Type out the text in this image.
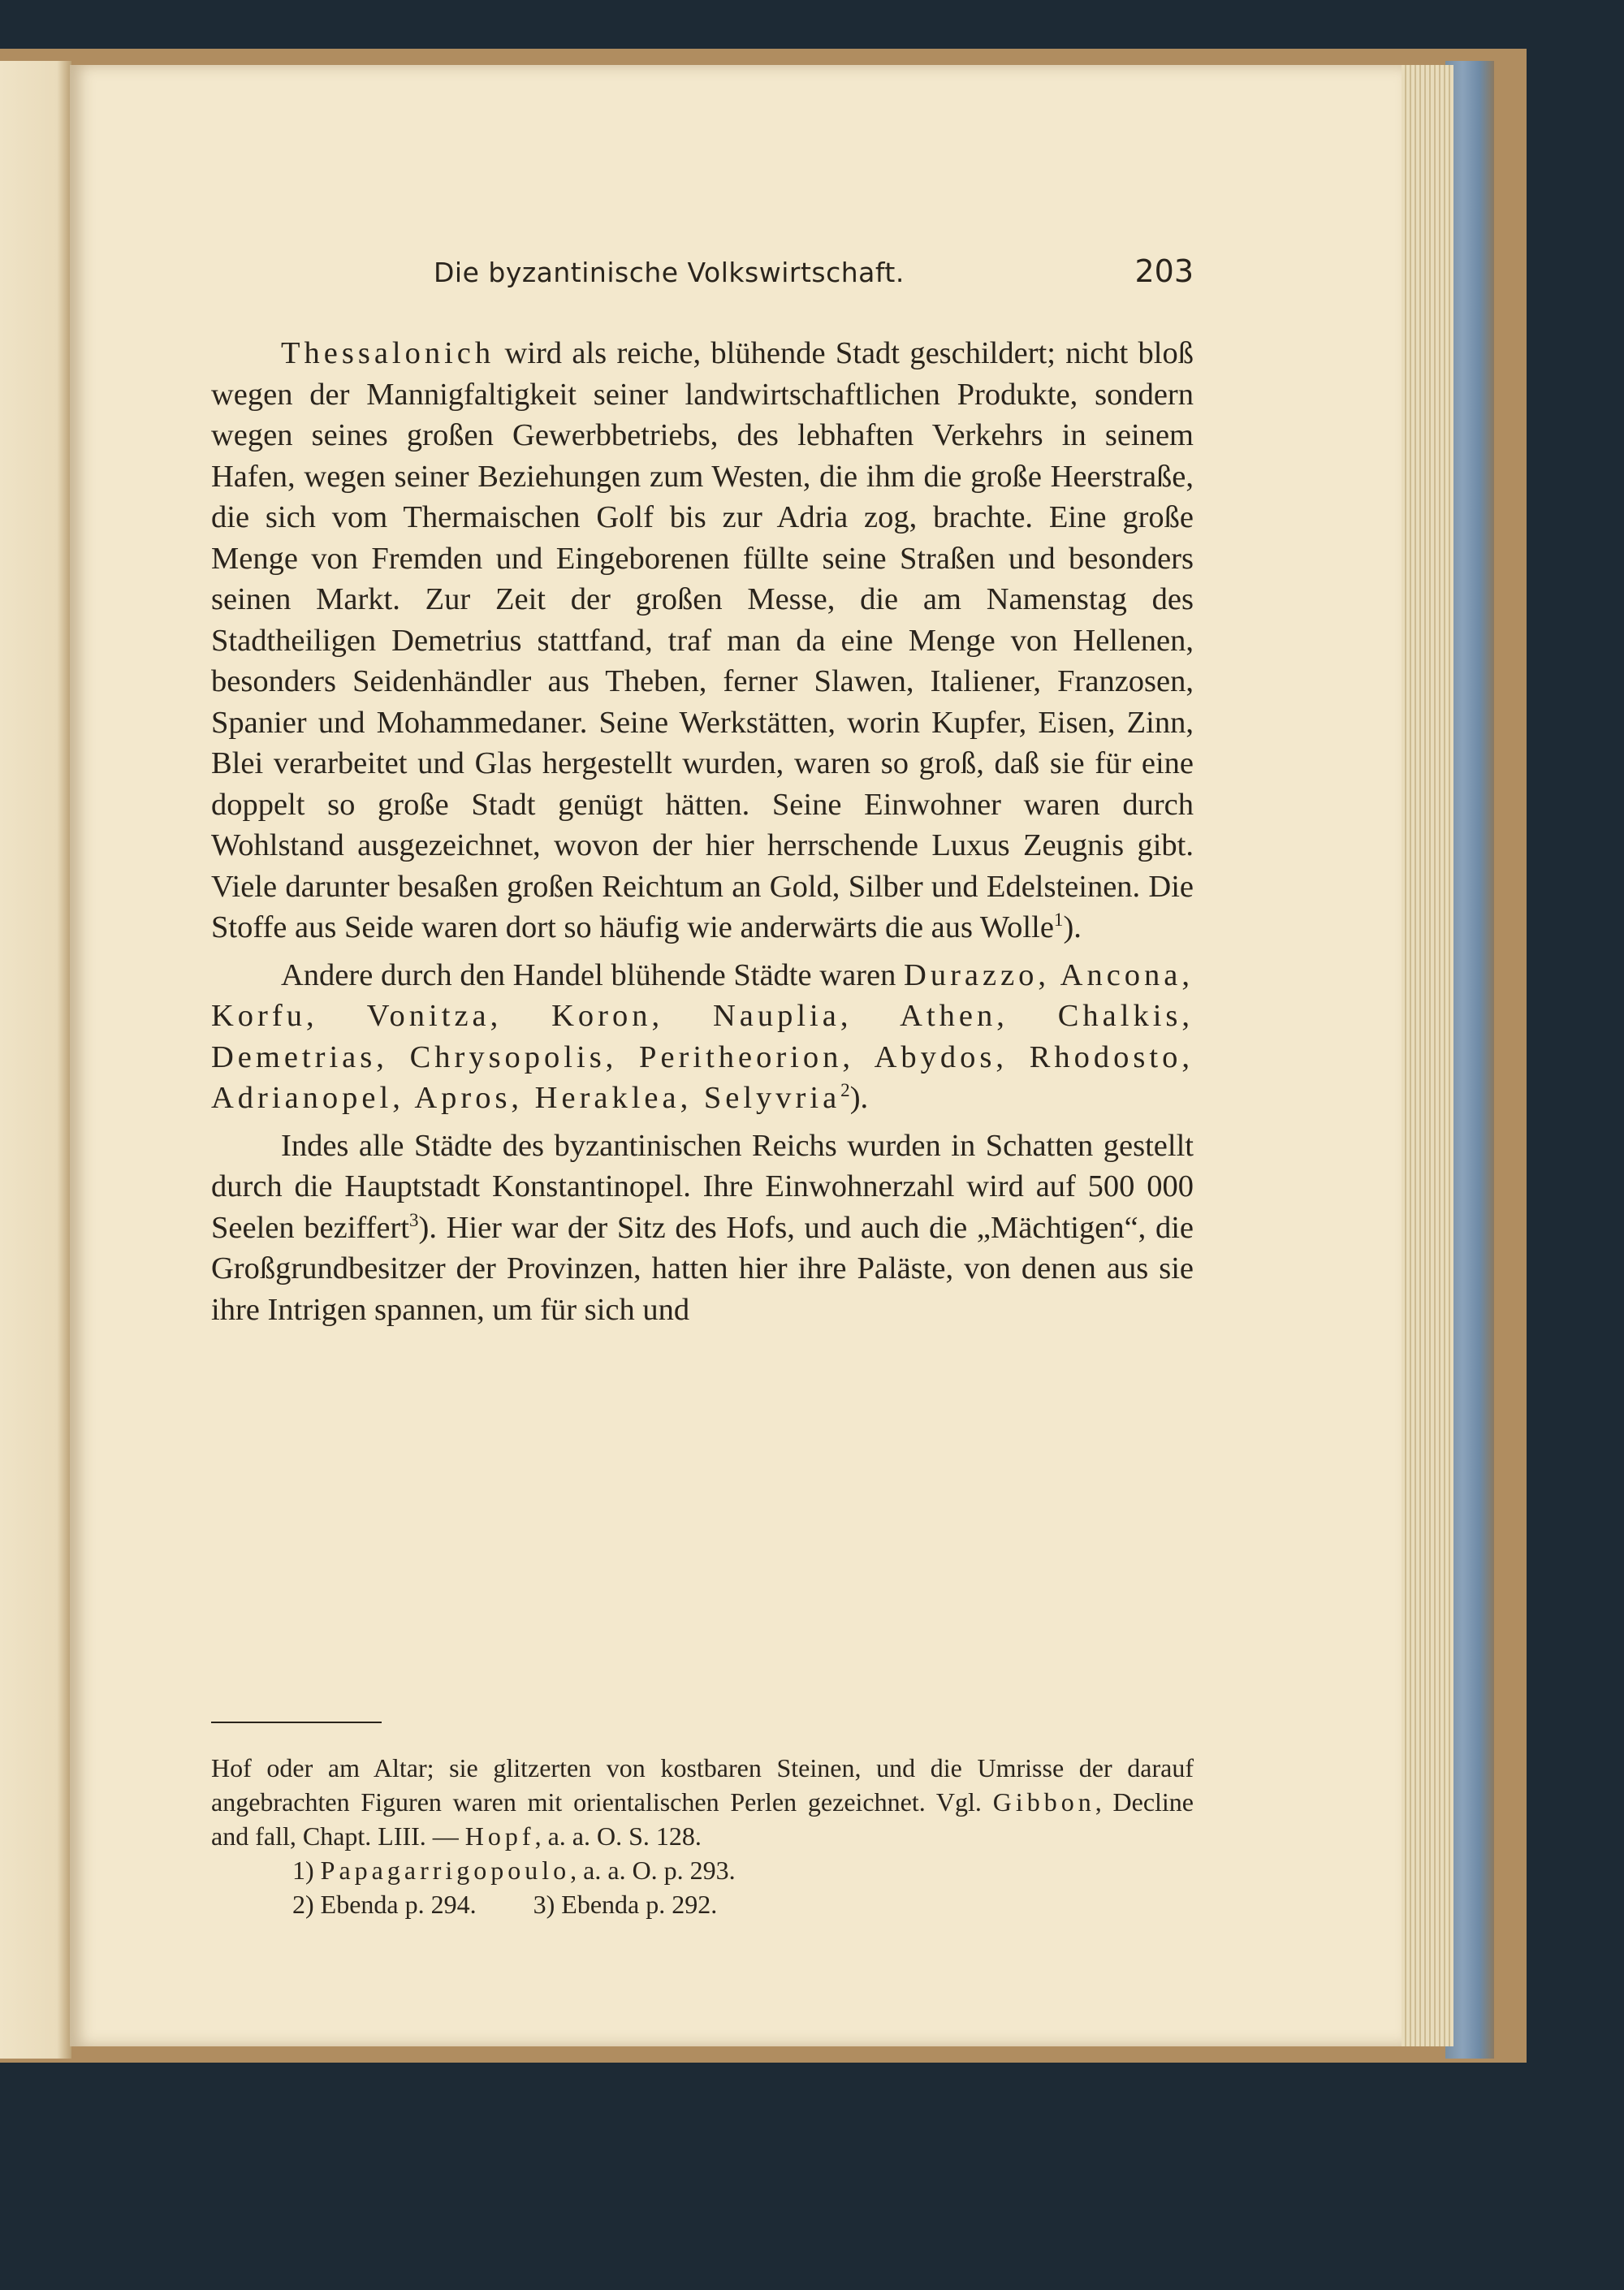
Die byzantinische Volkswirtschaft.	203

Thessalonich wird als reiche, blühende Stadt geschildert; nicht bloß wegen der Mannigfaltigkeit seiner landwirtschaftlichen Produkte, sondern wegen seines großen Gewerbbetriebs, des lebhaften Verkehrs in seinem Hafen, wegen seiner Beziehungen zum Westen, die ihm die große Heerstraße, die sich vom Thermaischen Golf bis zur Adria zog, brachte. Eine große Menge von Fremden und Eingeborenen füllte seine Straßen und besonders seinen Markt. Zur Zeit der großen Messe, die am Namenstag des Stadtheiligen Demetrius stattfand, traf man da eine Menge von Hellenen, besonders Seidenhändler aus Theben, ferner Slawen, Italiener, Franzosen, Spanier und Mohammedaner. Seine Werkstätten, worin Kupfer, Eisen, Zinn, Blei verarbeitet und Glas hergestellt wurden, waren so groß, daß sie für eine doppelt so große Stadt genügt hätten. Seine Einwohner waren durch Wohlstand ausgezeichnet, wovon der hier herrschende Luxus Zeugnis gibt. Viele darunter besaßen großen Reichtum an Gold, Silber und Edelsteinen. Die Stoffe aus Seide waren dort so häufig wie anderwärts die aus Wolle$^1$).

Andere durch den Handel blühende Städte waren Durazzo, Ancona, Korfu, Vonitza, Koron, Nauplia, Athen, Chalkis, Demetrias, Chrysopolis, Peritheorion, Abydos, Rhodosto, Adrianopel, Apros, Heraklea, Selyvria$^2$).

Indes alle Städte des byzantinischen Reichs wurden in Schatten gestellt durch die Hauptstadt Konstantinopel. Ihre Einwohnerzahl wird auf 500 000 Seelen beziffert$^3$). Hier war der Sitz des Hofs, und auch die „Mächtigen“, die Großgrundbesitzer der Provinzen, hatten hier ihre Paläste, von denen aus sie ihre Intrigen spannen, um für sich und

Hof oder am Altar; sie glitzerten von kostbaren Steinen, und die Umrisse der darauf angebrachten Figuren waren mit orientalischen Perlen gezeichnet. Vgl. Gibbon, Decline and fall, Chapt. LIII. — Hopf, a. a. O. S. 128.

1) Papagarrigopoulo, a. a. O. p. 293.

2) Ebenda p. 294. 3) Ebenda p. 292.
